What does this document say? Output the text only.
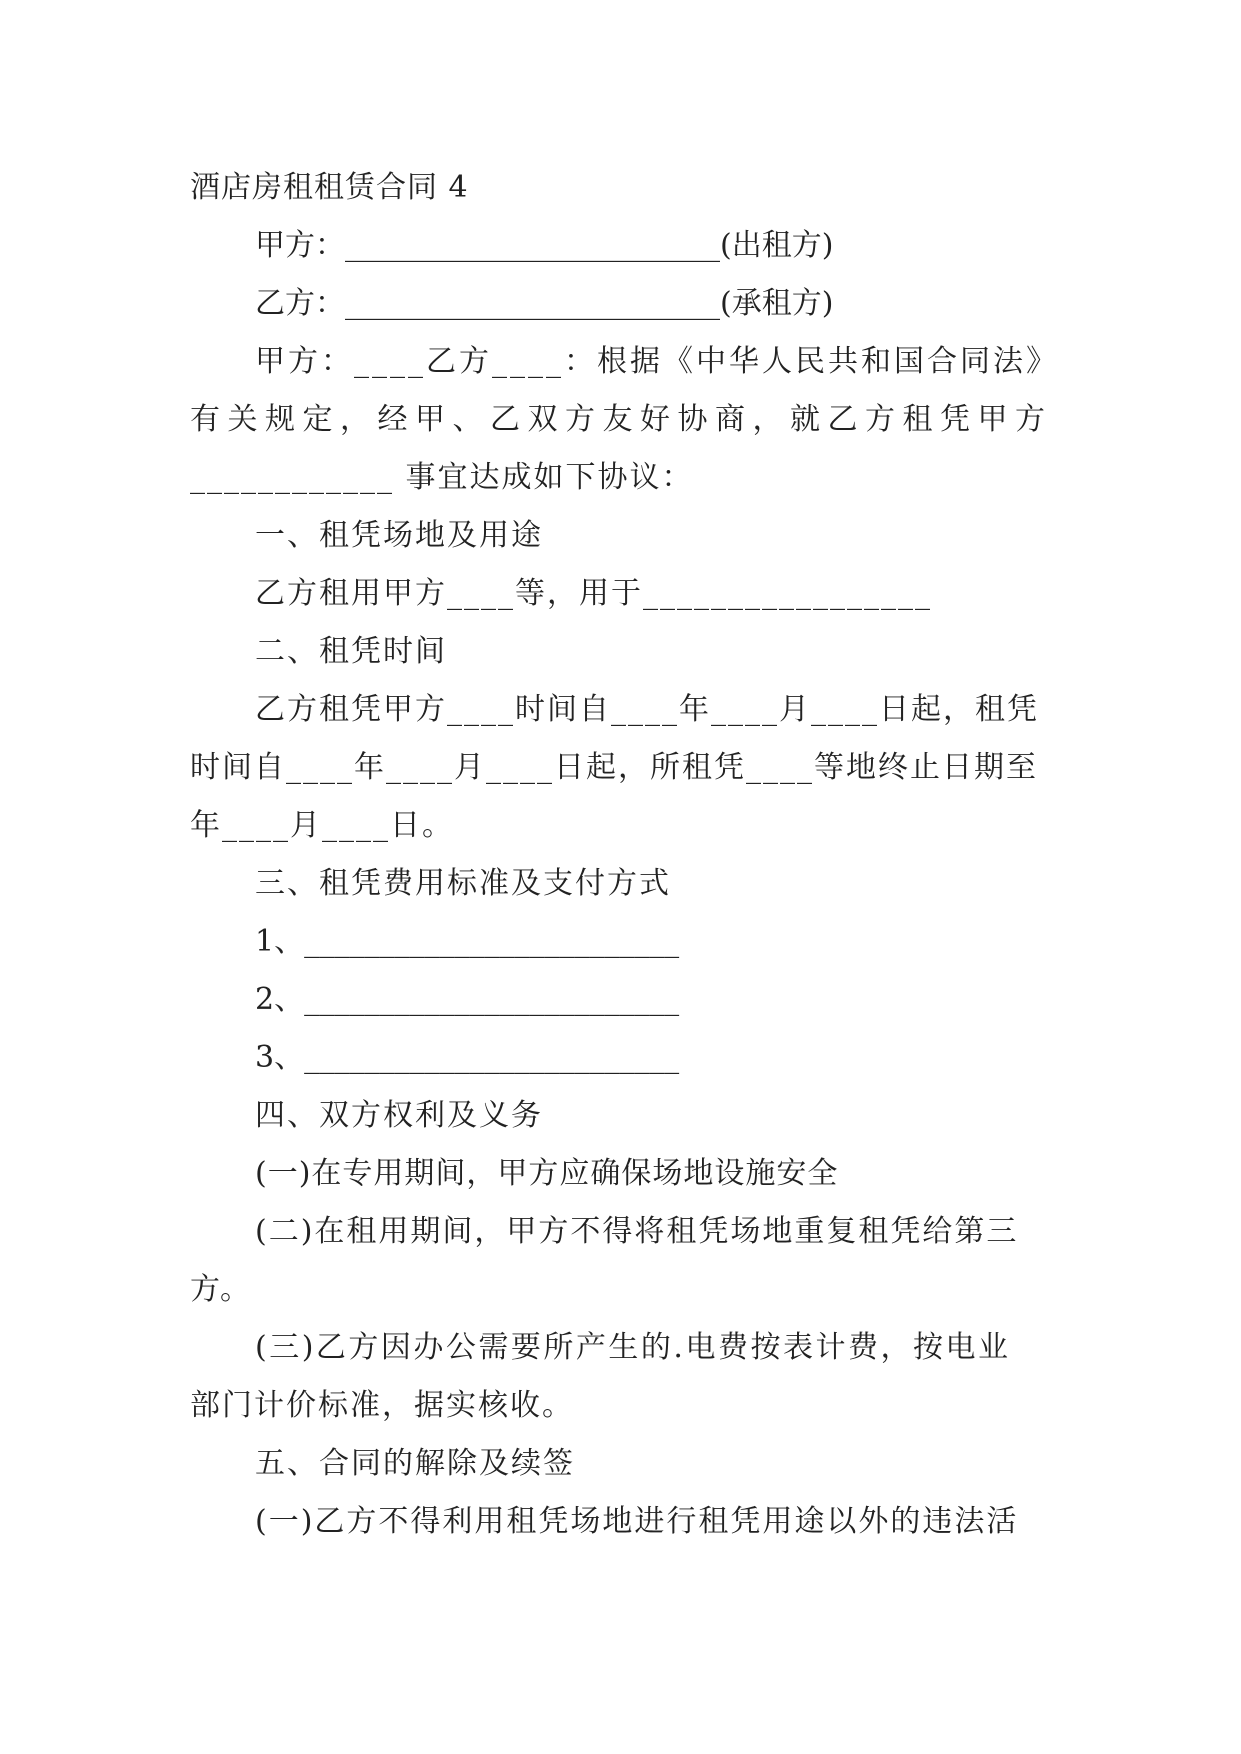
酒店房租租赁合同 4
甲方：_________________________(出租方)
乙方：_________________________(承租方)
甲方：____乙方____：根据《中华人民共和国合同法》
有关规定，经甲、乙双方友好协商，就乙方租凭甲方
____________ 事宜达成如下协议：
一、租凭场地及用途
乙方租用甲方____等，用于_________________
二、租凭时间
乙方租凭甲方____时间自____年____月____日起，租凭
时间自____年____月____日起，所租凭____等地终止日期至
年____月____日。
三、租凭费用标准及支付方式
1、_________________________
2、_________________________
3、_________________________
四、双方权利及义务
(一)在专用期间，甲方应确保场地设施安全
(二)在租用期间，甲方不得将租凭场地重复租凭给第三
方。
(三)乙方因办公需要所产生的.电费按表计费，按电业
部门计价标准，据实核收。
五、合同的解除及续签
(一)乙方不得利用租凭场地进行租凭用途以外的违法活
